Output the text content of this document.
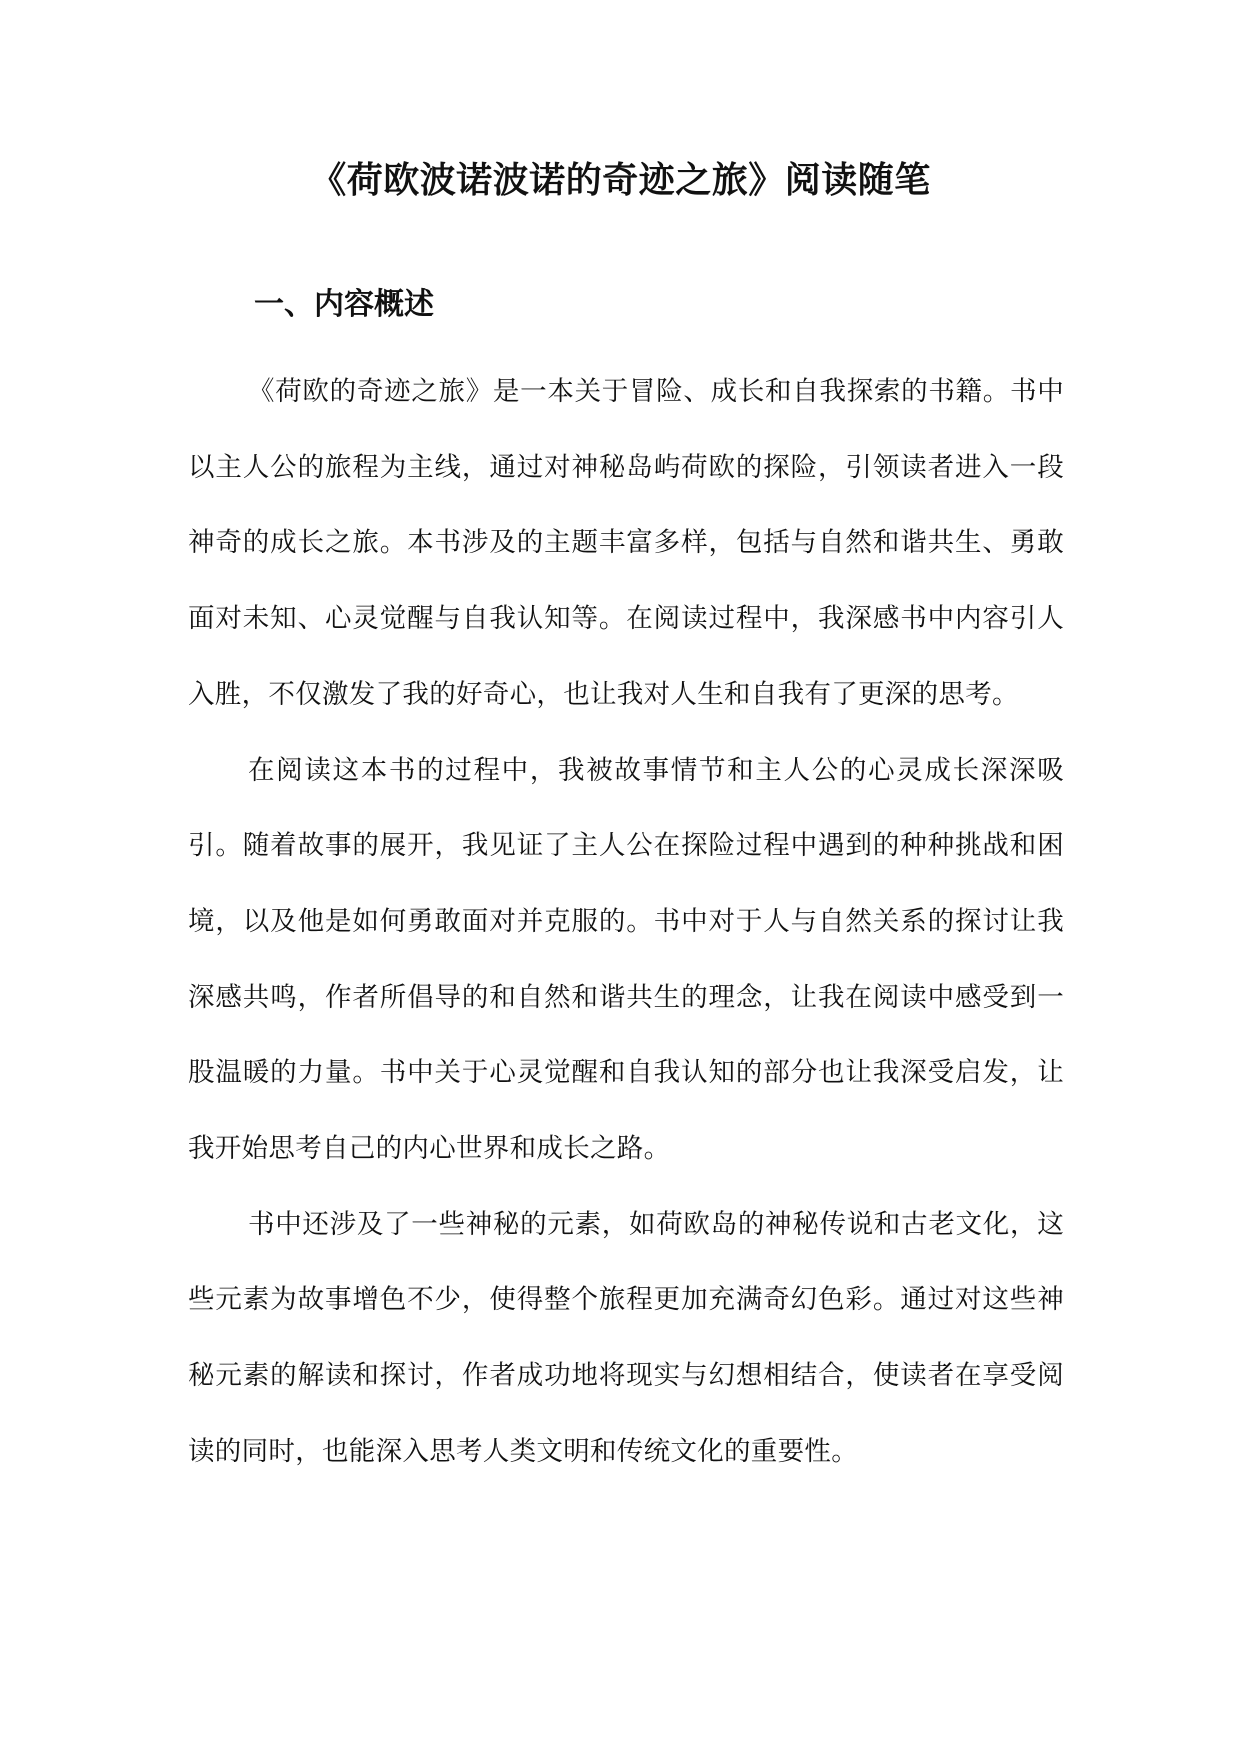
《荷欧波诺波诺的奇迹之旅》阅读随笔
一、内容概述

《荷欧的奇迹之旅》是一本关于冒险、成长和自我探索的书籍。书中以主人公的旅程为主线，通过对神秘岛屿荷欧的探险，引领读者进入一段神奇的成长之旅。本书涉及的主题丰富多样，包括与自然和谐共生、勇敢面对未知、心灵觉醒与自我认知等。在阅读过程中，我深感书中内容引人入胜，不仅激发了我的好奇心，也让我对人生和自我有了更深的思考。

在阅读这本书的过程中，我被故事情节和主人公的心灵成长深深吸引。随着故事的展开，我见证了主人公在探险过程中遇到的种种挑战和困境，以及他是如何勇敢面对并克服的。书中对于人与自然关系的探讨让我深感共鸣，作者所倡导的和自然和谐共生的理念，让我在阅读中感受到一股温暖的力量。书中关于心灵觉醒和自我认知的部分也让我深受启发，让我开始思考自己的内心世界和成长之路。

书中还涉及了一些神秘的元素，如荷欧岛的神秘传说和古老文化，这些元素为故事增色不少，使得整个旅程更加充满奇幻色彩。通过对这些神秘元素的解读和探讨，作者成功地将现实与幻想相结合，使读者在享受阅读的同时，也能深入思考人类文明和传统文化的重要性。
